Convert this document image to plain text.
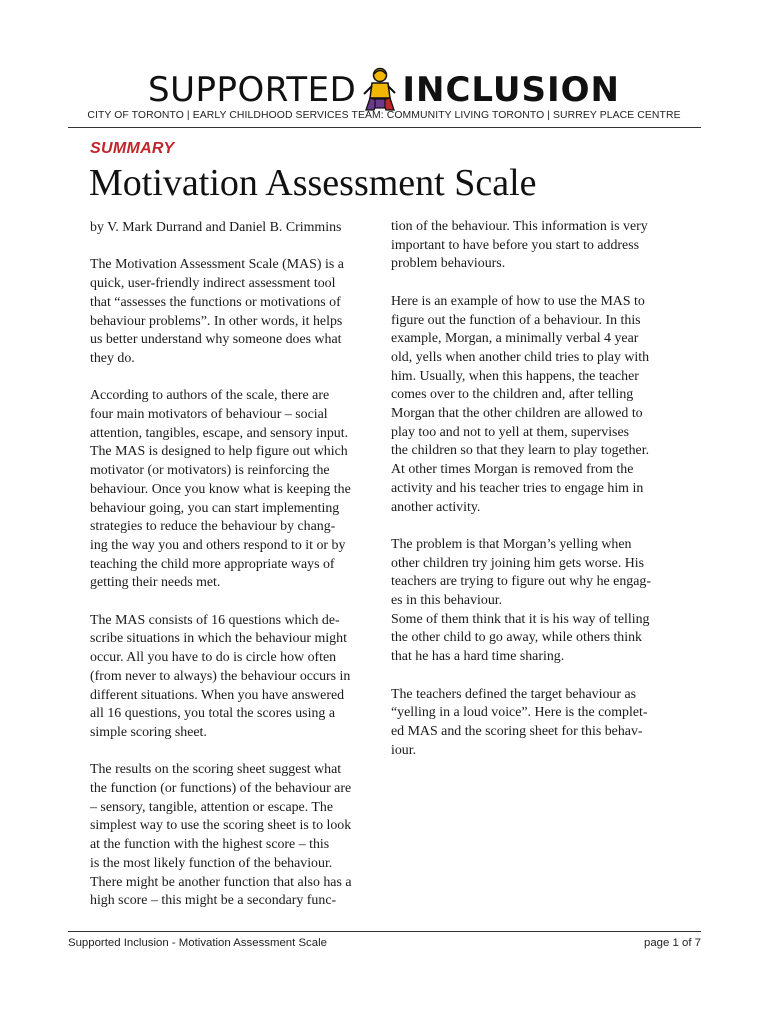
SUPPORTED INCLUSION
CITY OF TORONTO | EARLY CHILDHOOD SERVICES TEAM: COMMUNITY LIVING TORONTO | SURREY PLACE CENTRE
SUMMARY
Motivation Assessment Scale

by V. Mark Durrand and Daniel B. Crimmins

The Motivation Assessment Scale (MAS) is a
quick, user-friendly indirect assessment tool
that “assesses the functions or motivations of
behaviour problems”. In other words, it helps
us better understand why someone does what
they do.

According to authors of the scale, there are
four main motivators of behaviour – social
attention, tangibles, escape, and sensory input.
The MAS is designed to help figure out which
motivator (or motivators) is reinforcing the
behaviour. Once you know what is keeping the
behaviour going, you can start implementing
strategies to reduce the behaviour by chang-
ing the way you and others respond to it or by
teaching the child more appropriate ways of
getting their needs met.

The MAS consists of 16 questions which de-
scribe situations in which the behaviour might
occur. All you have to do is circle how often
(from never to always) the behaviour occurs in
different situations. When you have answered
all 16 questions, you total the scores using a
simple scoring sheet.

The results on the scoring sheet suggest what
the function (or functions) of the behaviour are
– sensory, tangible, attention or escape. The
simplest way to use the scoring sheet is to look
at the function with the highest score – this
is the most likely function of the behaviour.
There might be another function that also has a
high score – this might be a secondary func-

tion of the behaviour. This information is very
important to have before you start to address
problem behaviours.

Here is an example of how to use the MAS to
figure out the function of a behaviour. In this
example, Morgan, a minimally verbal 4 year
old, yells when another child tries to play with
him. Usually, when this happens, the teacher
comes over to the children and, after telling
Morgan that the other children are allowed to
play too and not to yell at them, supervises
the children so that they learn to play together.
At other times Morgan is removed from the
activity and his teacher tries to engage him in
another activity.

The problem is that Morgan’s yelling when
other children try joining him gets worse. His
teachers are trying to figure out why he engag-
es in this behaviour.

Some of them think that it is his way of telling
the other child to go away, while others think
that he has a hard time sharing.

The teachers defined the target behaviour as
“yelling in a loud voice”. Here is the complet-
ed MAS and the scoring sheet for this behav-
iour.

Supported Inclusion - Motivation Assessment Scale	page 1 of 7
